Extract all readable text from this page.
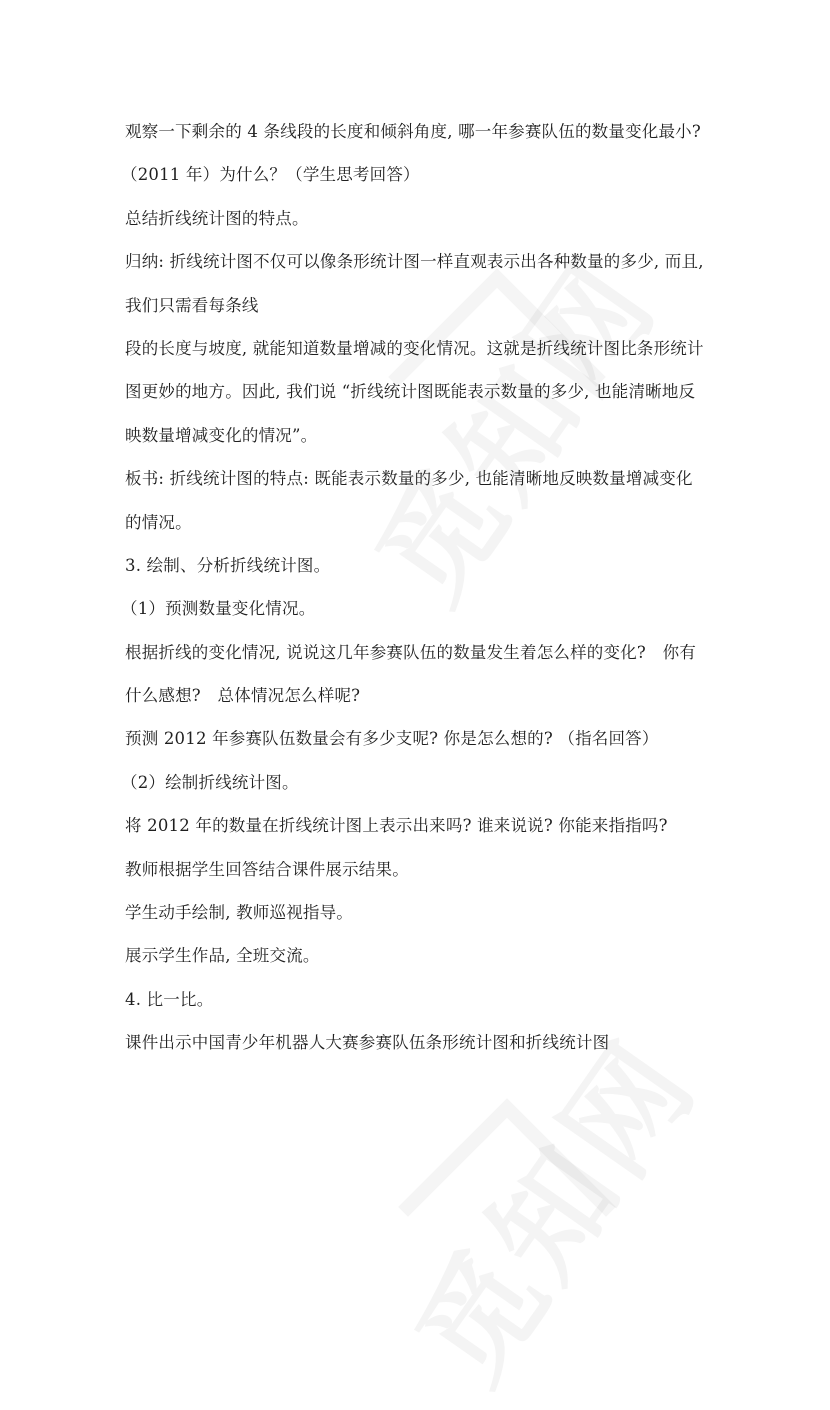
观察一下剩余的 4 条线段的长度和倾斜角度, 哪一年参赛队伍的数量变化最小?
（2011 年）为什么？（学生思考回答）
总结折线统计图的特点。
归纳: 折线统计图不仅可以像条形统计图一样直观表示出各种数量的多少, 而且,
我们只需看每条线
段的长度与坡度, 就能知道数量增减的变化情况。这就是折线统计图比条形统计
图更妙的地方。因此, 我们说 “折线统计图既能表示数量的多少, 也能清晰地反
映数量增减变化的情况”。
板书: 折线统计图的特点: 既能表示数量的多少, 也能清晰地反映数量增减变化
的情况。
3. 绘制、分析折线统计图。
（1）预测数量变化情况。
根据折线的变化情况, 说说这几年参赛队伍的数量发生着怎么样的变化?　你有
什么感想?　总体情况怎么样呢?
预测 2012 年参赛队伍数量会有多少支呢? 你是怎么想的? （指名回答）
（2）绘制折线统计图。
将 2012 年的数量在折线统计图上表示出来吗? 谁来说说? 你能来指指吗?
教师根据学生回答结合课件展示结果。
学生动手绘制, 教师巡视指导。
展示学生作品, 全班交流。
4. 比一比。
课件出示中国青少年机器人大赛参赛队伍条形统计图和折线统计图
